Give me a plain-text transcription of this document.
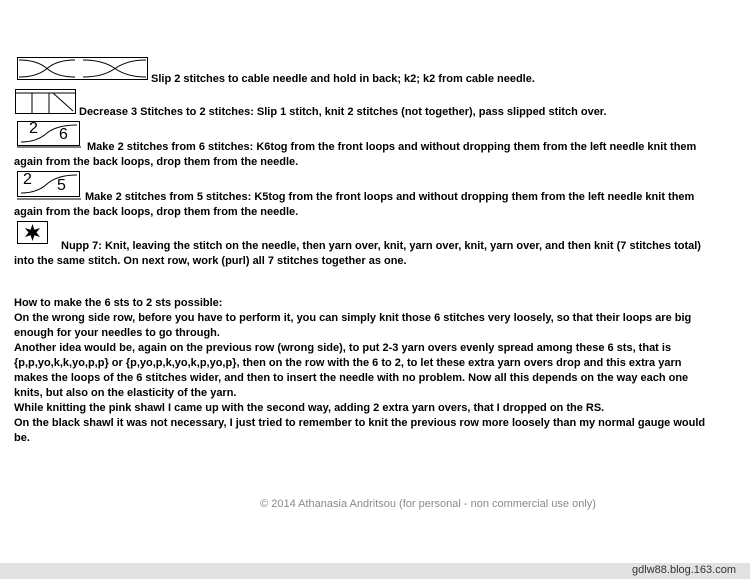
Slip 2 stitches to cable needle and hold in back; k2; k2 from cable needle.
Decrease 3 Stitches to 2 stitches: Slip 1 stitch, knit 2 stitches (not together), pass slipped stitch over.
2 6
Make 2 stitches from 6 stitches: K6tog from the front loops and without dropping them from the left needle knit them
again from the back loops, drop them from the needle.
2 5
Make 2 stitches from 5 stitches: K5tog from the front loops and without dropping them from the left needle knit them
again from the back loops, drop them from the needle.
Nupp 7: Knit, leaving the stitch on the needle, then yarn over, knit, yarn over, knit, yarn over, and then knit (7 stitches total)
into the same stitch. On next row, work (purl) all 7 stitches together as one.
How to make the 6 sts to 2 sts possible:
On the wrong side row, before you have to perform it, you can simply knit those 6 stitches very loosely, so that their loops are big
enough for your needles to go through.
Another idea would be, again on the previous row (wrong side), to put 2-3 yarn overs evenly spread among these 6 sts, that is
{p,p,yo,k,k,yo,p,p} or {p,yo,p,k,yo,k,p,yo,p}, then on the row with the 6 to 2, to let these extra yarn overs drop and this extra yarn
makes the loops of the 6 stitches wider, and then to insert the needle with no problem. Now all this depends on the way each one
knits, but also on the elasticity of the yarn.
While knitting the pink shawl I came up with the second way, adding 2 extra yarn overs, that I dropped on the RS.
On the black shawl it was not necessary, I just tried to remember to knit the previous row more loosely than my normal gauge would
be.
© 2014 Athanasia Andritsou (for personal - non commercial use only)
gdlw88.blog.163.com
